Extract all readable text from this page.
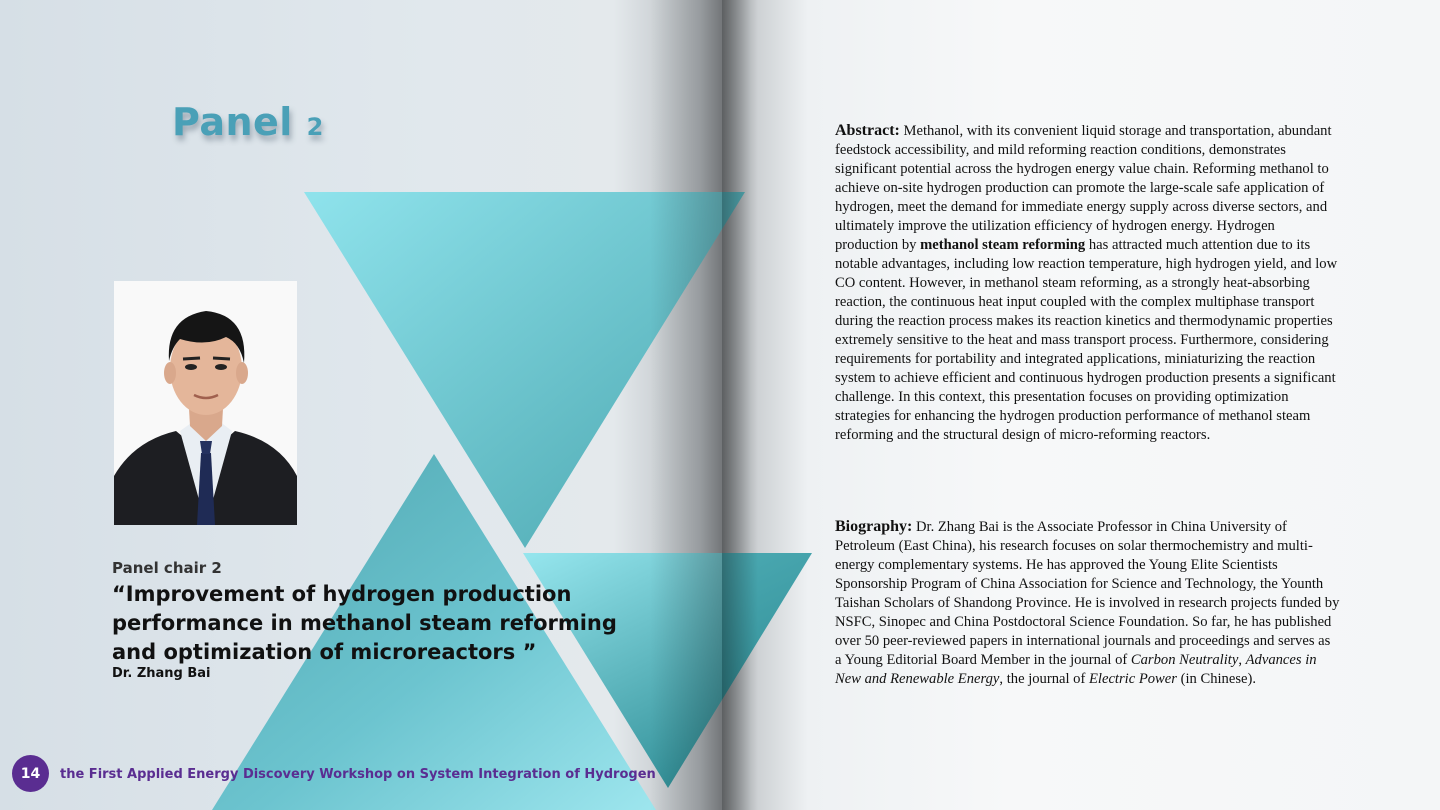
Panel 2
Panel chair 2
“Improvement of hydrogen production performance in methanol steam reforming and optimization of microreactors ”
Dr. Zhang Bai
14	the First Applied Energy Discovery Workshop on System Integration of Hydrogen

Abstract: Methanol, with its convenient liquid storage and transportation, abundant feedstock accessibility, and mild reforming reaction conditions, demonstrates significant potential across the hydrogen energy value chain. Reforming methanol to achieve on-site hydrogen production can promote the large-scale safe application of hydrogen, meet the demand for immediate energy supply across diverse sectors, and ultimately improve the utilization efficiency of hydrogen energy. Hydrogen production by methanol steam reforming has attracted much attention due to its notable advantages, including low reaction temperature, high hydrogen yield, and low CO content. However, in methanol steam reforming, as a strongly heat-absorbing reaction, the continuous heat input coupled with the complex multiphase transport during the reaction process makes its reaction kinetics and thermodynamic properties extremely sensitive to the heat and mass transport process. Furthermore, considering requirements for portability and integrated applications, miniaturizing the reaction system to achieve efficient and continuous hydrogen production presents a significant challenge. In this context, this presentation focuses on providing optimization strategies for enhancing the hydrogen production performance of methanol steam reforming and the structural design of micro-reforming reactors.

Biography: Dr. Zhang Bai is the Associate Professor in China University of Petroleum (East China), his research focuses on solar thermochemistry and multi-energy complementary systems. He has approved the Young Elite Scientists Sponsorship Program of China Association for Science and Technology, the Younth Taishan Scholars of Shandong Province. He is involved in research projects funded by NSFC, Sinopec and China Postdoctoral Science Foundation. So far, he has published over 50 peer-reviewed papers in international journals and proceedings and serves as a Young Editorial Board Member in the journal of Carbon Neutrality, Advances in New and Renewable Energy, the journal of Electric Power (in Chinese).
